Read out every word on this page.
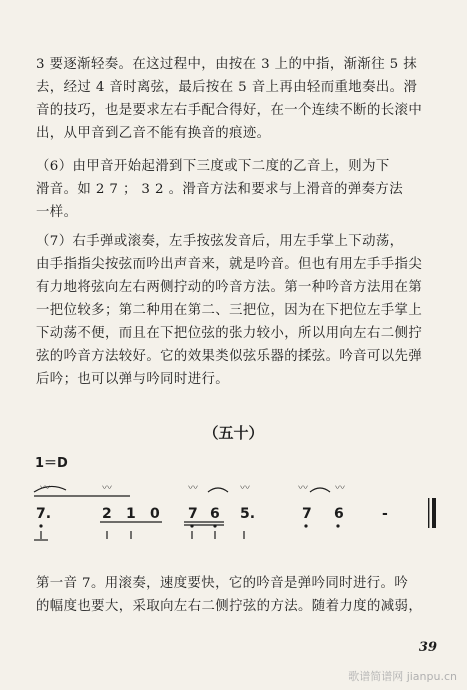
3 要逐渐轻奏。在这过程中，由按在 3 上的中指，渐渐往 5 抹
去，经过 4 音时离弦，最后按在 5 音上再由轻而重地奏出。滑
音的技巧，也是要求左右手配合得好，在一个连续不断的长滚中
出，从甲音到乙音不能有换音的痕迹。

（6）由甲音开始起滑到下三度或下二度的乙音上，则为下
滑音。如 2 7 ； 3 2 。滑音方法和要求与上滑音的弹奏方法
一样。

（7）右手弹或滚奏，左手按弦发音后，用左手掌上下动荡，
由手指指尖按弦而吟出声音来，就是吟音。但也有用左手手指尖
有力地将弦向左右两侧拧动的吟音方法。第一种吟音方法用在第
一把位较多；第二种用在第二、三把位，因为在下把位左手掌上
下动荡不便，而且在下把位弦的张力较小，所以用向左右二侧拧
弦的吟音方法较好。它的效果类似弦乐器的揉弦。吟音可以先弹
后吟；也可以弹与吟同时进行。

（五十）
1＝D
〰	〰	〰	〰	〰	〰
7.	2 1 0 7 6 5.	7 6	-

第一音 7。用滚奏，速度要快，它的吟音是弹吟同时进行。吟
的幅度也要大，采取向左右二侧拧弦的方法。随着力度的减弱，

39
歌谱简谱网 jianpu.cn
